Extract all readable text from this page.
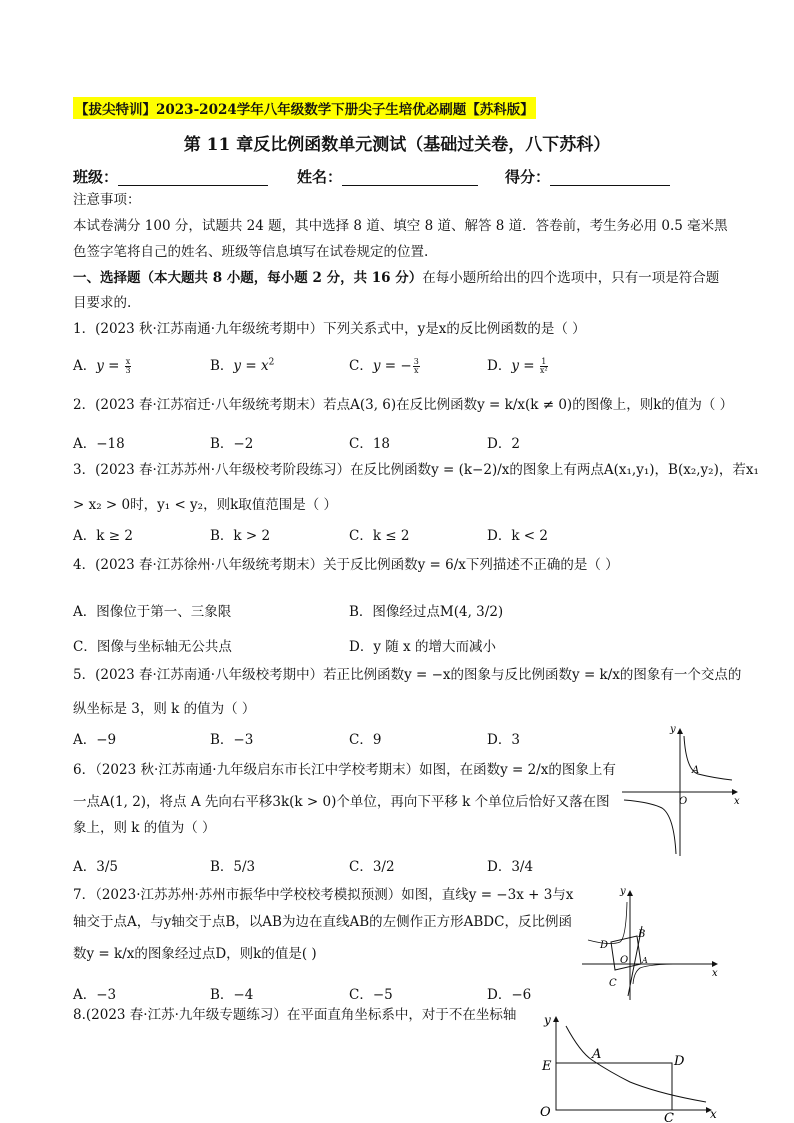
【拔尖特训】2023-2024学年八年级数学下册尖子生培优必刷题【苏科版】
第 11 章反比例函数单元测试（基础过关卷，八下苏科）
班级：	姓名：	得分：
注意事项：
本试卷满分 100 分，试题共 24 题，其中选择 8 道、填空 8 道、解答 8 道．答卷前，考生务必用 0.5 毫米黑
色签字笔将自己的姓名、班级等信息填写在试卷规定的位置.
一、选择题（本大题共 8 小题，每小题 2 分，共 16 分）在每小题所给出的四个选项中，只有一项是符合题
目要求的.
1．(2023 秋·江苏南通·九年级统考期中）下列关系式中，y是x的反比例函数的是（ ）
A．$y = \frac{x}{3}$	B．$y = x^2$	C．y = − $\frac{3}{x}$	D．$y = \frac{1}{\text{x²}}$
2．(2023 春·江苏宿迁·八年级统考期末）若点A(3, 6)在反比例函数y = k/x(k ≠ 0)的图像上，则k的值为（ ）
A．−18	B．−2	C．18	D．2
3．(2023 春·江苏苏州·八年级校考阶段练习）在反比例函数y = (k−2)/x的图象上有两点A(x₁,y₁)，B(x₂,y₂)，若x₁
> x₂ > 0时，y₁ < y₂，则k取值范围是（ ）
A．k ≥ 2	B．k > 2	C．k ≤ 2	D．k < 2
4．(2023 春·江苏徐州·八年级统考期末）关于反比例函数y = 6/x下列描述不正确的是（ ）
A．图像位于第一、三象限	B．图像经过点M(4, 3/2)
C．图像与坐标轴无公共点	D．y 随 x 的增大而减小
5．(2023 春·江苏南通·八年级校考期中）若正比例函数y = −x的图象与反比例函数y = k/x的图象有一个交点的
纵坐标是 3，则 k 的值为（ ）
A．−9	B．−3	C．9	D．3
6．（2023 秋·江苏南通·九年级启东市长江中学校考期末）如图，在函数y = 2/x的图象上有
一点A(1, 2)，将点 A 先向右平移3k(k > 0)个单位，再向下平移 k 个单位后恰好又落在图
象上，则 k 的值为（ ）
A．3/5	B．5/3	C．3/2	D．3/4
y
x
O
A
7．（2023·江苏苏州·苏州市振华中学校校考模拟预测）如图，直线y = −3x + 3与x
轴交于点A，与y轴交于点B，以AB为边在直线AB的左侧作正方形ABDC，反比例函
数y = k/x的图象经过点D，则k的值是( )
A．−3	B．−4	C．−5	D．−6
y
x
O A
B
C
D
8.(2023 春·江苏·九年级专题练习）在平面直角坐标系中，对于不在坐标轴 y
x
O
E
A	D
C
